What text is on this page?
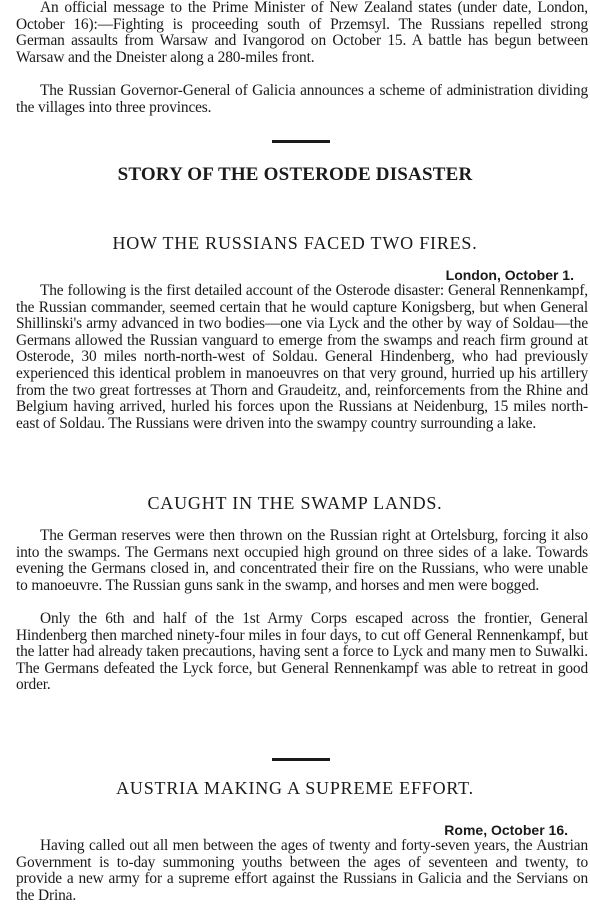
An official message to the Prime Minister of New Zealand states (under date, London, October 16):—Fighting is proceeding south of Przemsyl. The Russians repelled strong German assaults from Warsaw and Ivangorod on October 15. A battle has begun between Warsaw and the Dneister along a 280-miles front.

The Russian Governor-General of Galicia announces a scheme of administration dividing the villages into three provinces.

STORY OF THE OSTERODE DISASTER
HOW THE RUSSIANS FACED TWO FIRES.

London, October 1.

The following is the first detailed account of the Osterode disaster: General Rennenkampf, the Russian commander, seemed certain that he would capture Konigsberg, but when General Shillinski's army advanced in two bodies—one via Lyck and the other by way of Soldau—the Germans allowed the Russian vanguard to emerge from the swamps and reach firm ground at Osterode, 30 miles north-north-west of Soldau. General Hindenberg, who had previously experienced this identical problem in manoeuvres on that very ground, hurried up his artillery from the two great fortresses at Thorn and Graudeitz, and, reinforcements from the Rhine and Belgium having arrived, hurled his forces upon the Russians at Neidenburg, 15 miles north-east of Soldau. The Russians were driven into the swampy country surrounding a lake.

CAUGHT IN THE SWAMP LANDS.

The German reserves were then thrown on the Russian right at Ortelsburg, forcing it also into the swamps. The Germans next occupied high ground on three sides of a lake. Towards evening the Germans closed in, and concentrated their fire on the Russians, who were unable to manoeuvre. The Russian guns sank in the swamp, and horses and men were bogged.

Only the 6th and half of the 1st Army Corps escaped across the frontier, General Hindenberg then marched ninety-four miles in four days, to cut off General Rennenkampf, but the latter had already taken precautions, having sent a force to Lyck and many men to Suwalki. The Germans defeated the Lyck force, but General Rennenkampf was able to retreat in good order.

AUSTRIA MAKING A SUPREME EFFORT.

Rome, October 16.

Having called out all men between the ages of twenty and forty-seven years, the Austrian Government is to-day summoning youths between the ages of seventeen and twenty, to provide a new army for a supreme effort against the Russians in Galicia and the Servians on the Drina.
